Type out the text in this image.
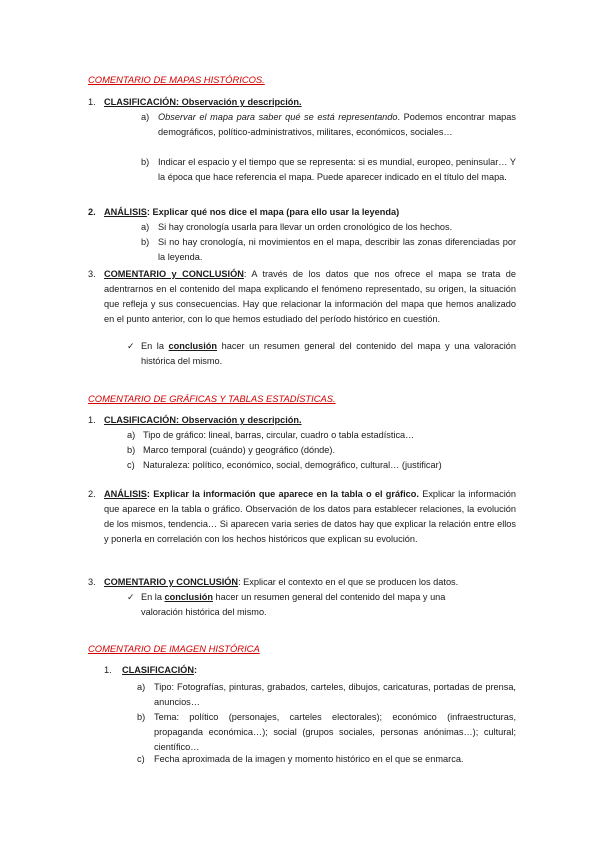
COMENTARIO DE MAPAS HISTÓRICOS.
1. CLASIFICACIÓN: Observación y descripción.
a) Observar el mapa para saber qué se está representando. Podemos encontrar mapas demográficos, político-administrativos, militares, económicos, sociales…
b) Indicar el espacio y el tiempo que se representa: si es mundial, europeo, peninsular… Y la época que hace referencia el mapa. Puede aparecer indicado en el título del mapa.
2. ANÁLISIS: Explicar qué nos dice el mapa (para ello usar la leyenda)
a) Si hay cronología usarla para llevar un orden cronológico de los hechos.
b) Si no hay cronología, ni movimientos en el mapa, describir las zonas diferenciadas por la leyenda.
3. COMENTARIO y CONCLUSIÓN: A través de los datos que nos ofrece el mapa se trata de adentrarnos en el contenido del mapa explicando el fenómeno representado, su origen, la situación que refleja y sus consecuencias. Hay que relacionar la información del mapa que hemos analizado en el punto anterior, con lo que hemos estudiado del período histórico en cuestión.
✓ En la conclusión hacer un resumen general del contenido del mapa y una valoración histórica del mismo.
COMENTARIO DE GRÁFICAS Y TABLAS ESTADÍSTICAS.
1. CLASIFICACIÓN: Observación y descripción.
a) Tipo de gráfico: lineal, barras, circular, cuadro o tabla estadística…
b) Marco temporal (cuándo) y geográfico (dónde).
c) Naturaleza: político, económico, social, demográfico, cultural… (justificar)
2. ANÁLISIS: Explicar la información que aparece en la tabla o el gráfico. Explicar la información que aparece en la tabla o gráfico. Observación de los datos para establecer relaciones, la evolución de los mismos, tendencia… Si aparecen varia series de datos hay que explicar la relación entre ellos y ponerla en correlación con los hechos históricos que explican su evolución.
3. COMENTARIO y CONCLUSIÓN: Explicar el contexto en el que se producen los datos.
✓ En la conclusión hacer un resumen general del contenido del mapa y una valoración histórica del mismo.
COMENTARIO DE IMAGEN HISTÓRICA
1. CLASIFICACIÓN:
a) Tipo: Fotografías, pinturas, grabados, carteles, dibujos, caricaturas, portadas de prensa, anuncios…
b) Tema: político (personajes, carteles electorales); económico (infraestructuras, propaganda económica…); social (grupos sociales, personas anónimas…); cultural; científico…
c) Fecha aproximada de la imagen y momento histórico en el que se enmarca.
